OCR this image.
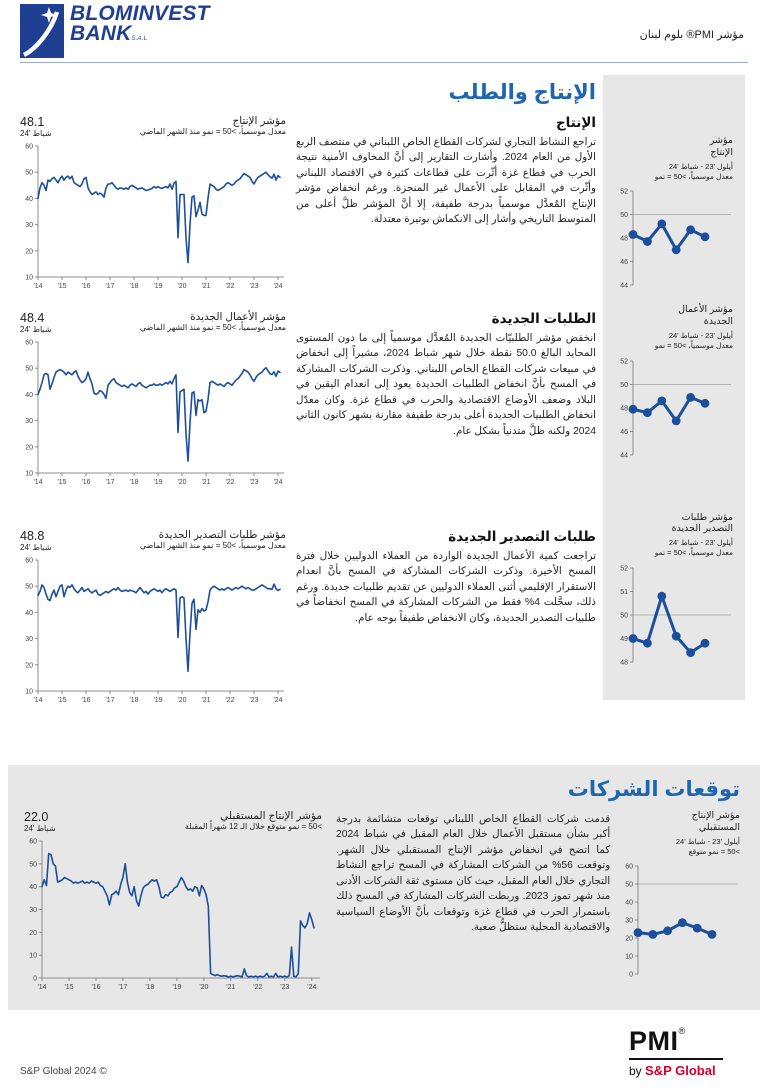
BLOMINVEST
BANKS.A.L	مؤشر PMI® بلوم لبنان
مؤشر
الإنتاج
أيلول '23 - شباط '24
معدل موسمياً، >50 = نمو
52
50
48
46
44
مؤشر الأعمال
الجديدة
أيلول '23 - شباط '24
معدل موسمياً، >50 = نمو
52
50
48
46
44
مؤشر طلبات
التصدير الجديدة
أيلول '23 - شباط '24
معدل موسمياً، >50 = نمو
52
51
50
49
48
الإنتاج والطلب
الإنتاج

تراجع النشاط التجاري لشركات القطاع الخاص اللبناني في منتصف الربع الأول من العام 2024. وأشارت التقارير إلى أنَّ المخاوف الأمنية نتيجة الحرب في قطاع غزة أثّرت على قطاعات كثيرة في الاقتصاد اللبناني وأثّرت في المقابل على الأعمال غير المنجزة. ورغم انخفاض مؤشر الإنتاج المُعدَّل موسمياً بدرجة طفيفة، إلا أنَّ المؤشر ظلَّ أعلى من المتوسط التاريخي وأشار إلى الانكماش بوتيرة معتدلة.

48.1
شباط '24
مؤشر الإنتاج
معدل موسمياً، >50 = نمو منذ الشهر الماضي
60
50
40
30
20
10
'14 '15 '16 '17 '18 '19 '20 '21 '22 '23 '24
الطلبات الجديدة

انخفض مؤشر الطلبيّات الجديدة المُعدَّل موسمياً إلى ما دون المستوى المحايد البالغ 50.0 نقطة خلال شهر شباط 2024، مشيراً إلى انخفاض في مبيعات شركات القطاع الخاص اللبناني. وذكرت الشركات المشاركة في المسح بأنَّ انخفاض الطلبيات الجديدة يعود إلى انعدام اليقين في البلاد وضعف الأوضاع الاقتصادية والحرب في قطاع غزة. وكان معدّل انخفاض الطلبيات الجديدة أعلى بدرجة طفيفة مقارنة بشهر كانون الثاني 2024 ولكنه ظلَّ متدنياً بشكل عام.

48.4
شباط '24
مؤشر الأعمال الجديدة
معدل موسمياً، >50 = نمو منذ الشهر الماضي
60
50
40
30
20
10
'14 '15 '16 '17 '18 '19 '20 '21 '22 '23 '24
طلبات التصدير الجديدة

تراجعت كمية الأعمال الجديدة الواردة من العملاء الدوليين خلال فترة المسح الأخيرة. وذكرت الشركات المشاركة في المسح بأنَّ انعدام الاستقرار الإقليمي أثنى العملاء الدوليين عن تقديم طلبيات جديدة. ورغم ذلك، سجَّلت 4% فقط من الشركات المشاركة في المسح انخفاضاً في طلبيات التصدير الجديدة، وكان الانخفاض طفيفاً بوجه عام.

48.8
شباط '24
مؤشر طلبات التصدير الجديدة
معدل موسمياً، >50 = نمو منذ الشهر الماضي
60
50
40
30
20
10
'14 '15 '16 '17 '18 '19 '20 '21 '22 '23 '24
توقعات الشركات
مؤشر الإنتاج
المستقبلي
أيلول '23 - شباط '24
>50 = نمو متوقع
60
50
40
30
20
10
0

قدمت شركات القطاع الخاص اللبناني توقعات متشائمة بدرجة أكبر بشأن مستقبل الأعمال خلال العام المقبل في شباط 2024 كما اتضح في انخفاض مؤشر الإنتاج المستقبلي خلال الشهر. وتوقعت 56% من الشركات المشاركة في المسح تراجع النشاط التجاري خلال العام المقبل، حيث كان مستوى ثقة الشركات الأدنى منذ شهر تموز 2023. وربطت الشركات المشاركة في المسح ذلك باستمرار الحرب في قطاع غزة وتوقعات بأنَّ الأوضاع السياسية والاقتصادية المحلية ستظلُّ صعبة.

22.0
شباط '24
مؤشر الإنتاج المستقبلي
>50 = نمو متوقع خلال الـ 12 شهراً المقبلة
60
50
40
30
20
10
0
'14	'15	'16	'17	'18	'19	'20	'21	'22	'23	'24
PMI®
by S&P Global
S&P Global 2024 ©
